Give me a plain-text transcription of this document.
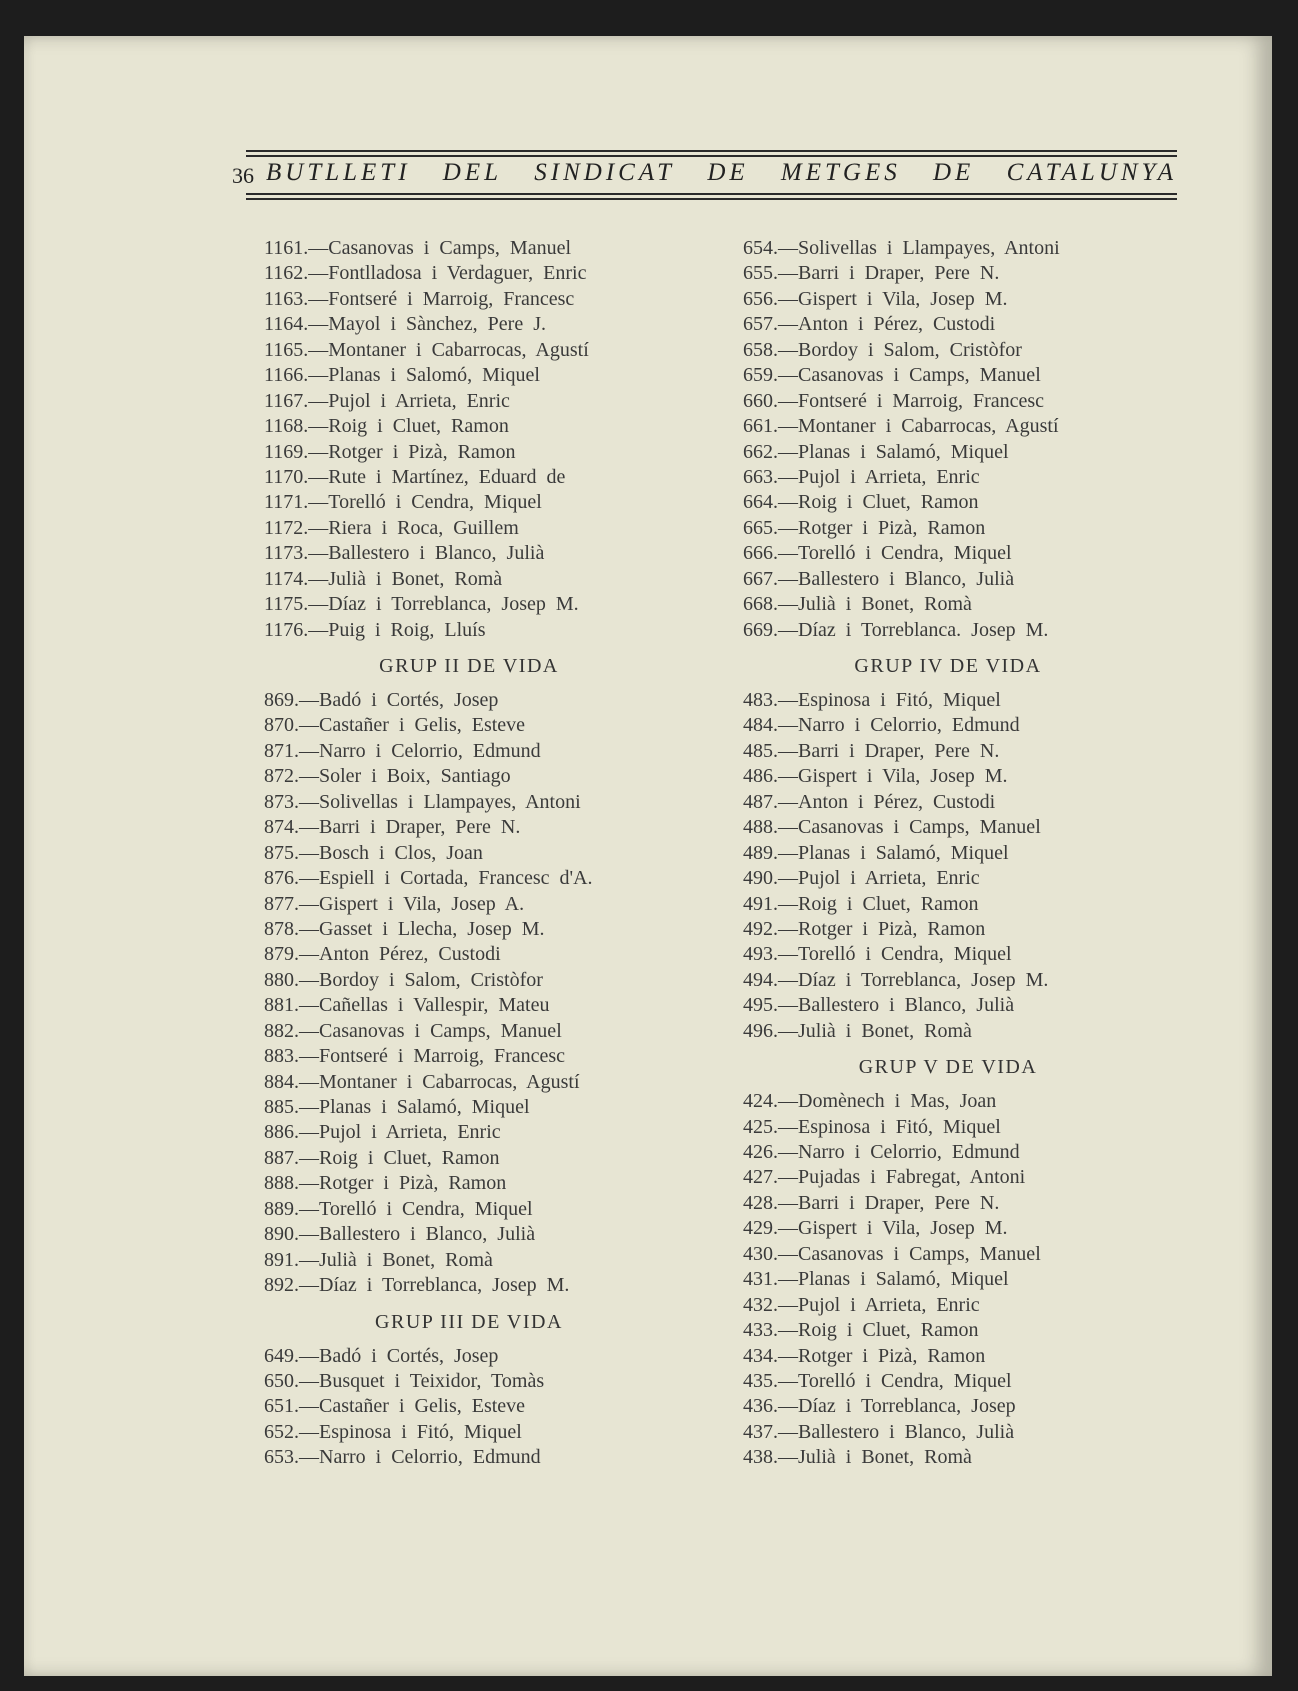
36 BUTLLETI DEL SINDICAT DE METGES DE CATALUNYA
1161.—Casanovas i Camps, Manuel
1162.—Fontlladosa i Verdaguer, Enric
1163.—Fontseré i Marroig, Francesc
1164.—Mayol i Sànchez, Pere J.
1165.—Montaner i Cabarrocas, Agustí
1166.—Planas i Salomó, Miquel
1167.—Pujol i Arrieta, Enric
1168.—Roig i Cluet, Ramon
1169.—Rotger i Pizà, Ramon
1170.—Rute i Martínez, Eduard de
1171.—Torelló i Cendra, Miquel
1172.—Riera i Roca, Guillem
1173.—Ballestero i Blanco, Julià
1174.—Julià i Bonet, Romà
1175.—Díaz i Torreblanca, Josep M.
1176.—Puig i Roig, Lluís
GRUP II DE VIDA
869.—Badó i Cortés, Josep
870.—Castañer i Gelis, Esteve
871.—Narro i Celorrio, Edmund
872.—Soler i Boix, Santiago
873.—Solivellas i Llampayes, Antoni
874.—Barri i Draper, Pere N.
875.—Bosch i Clos, Joan
876.—Espiell i Cortada, Francesc d'A.
877.—Gispert i Vila, Josep A.
878.—Gasset i Llecha, Josep M.
879.—Anton Pérez, Custodi
880.—Bordoy i Salom, Cristòfor
881.—Cañellas i Vallespir, Mateu
882.—Casanovas i Camps, Manuel
883.—Fontseré i Marroig, Francesc
884.—Montaner i Cabarrocas, Agustí
885.—Planas i Salamó, Miquel
886.—Pujol i Arrieta, Enric
887.—Roig i Cluet, Ramon
888.—Rotger i Pizà, Ramon
889.—Torelló i Cendra, Miquel
890.—Ballestero i Blanco, Julià
891.—Julià i Bonet, Romà
892.—Díaz i Torreblanca, Josep M.
GRUP III DE VIDA
649.—Badó i Cortés, Josep
650.—Busquet i Teixidor, Tomàs
651.—Castañer i Gelis, Esteve
652.—Espinosa i Fitó, Miquel
653.—Narro i Celorrio, Edmund
654.—Solivellas i Llampayes, Antoni
655.—Barri i Draper, Pere N.
656.—Gispert i Vila, Josep M.
657.—Anton i Pérez, Custodi
658.—Bordoy i Salom, Cristòfor
659.—Casanovas i Camps, Manuel
660.—Fontseré i Marroig, Francesc
661.—Montaner i Cabarrocas, Agustí
662.—Planas i Salamó, Miquel
663.—Pujol i Arrieta, Enric
664.—Roig i Cluet, Ramon
665.—Rotger i Pizà, Ramon
666.—Torelló i Cendra, Miquel
667.—Ballestero i Blanco, Julià
668.—Julià i Bonet, Romà
669.—Díaz i Torreblanca. Josep M.
GRUP IV DE VIDA
483.—Espinosa i Fitó, Miquel
484.—Narro i Celorrio, Edmund
485.—Barri i Draper, Pere N.
486.—Gispert i Vila, Josep M.
487.—Anton i Pérez, Custodi
488.—Casanovas i Camps, Manuel
489.—Planas i Salamó, Miquel
490.—Pujol i Arrieta, Enric
491.—Roig i Cluet, Ramon
492.—Rotger i Pizà, Ramon
493.—Torelló i Cendra, Miquel
494.—Díaz i Torreblanca, Josep M.
495.—Ballestero i Blanco, Julià
496.—Julià i Bonet, Romà
GRUP V DE VIDA
424.—Domènech i Mas, Joan
425.—Espinosa i Fitó, Miquel
426.—Narro i Celorrio, Edmund
427.—Pujadas i Fabregat, Antoni
428.—Barri i Draper, Pere N.
429.—Gispert i Vila, Josep M.
430.—Casanovas i Camps, Manuel
431.—Planas i Salamó, Miquel
432.—Pujol i Arrieta, Enric
433.—Roig i Cluet, Ramon
434.—Rotger i Pizà, Ramon
435.—Torelló i Cendra, Miquel
436.—Díaz i Torreblanca, Josep
437.—Ballestero i Blanco, Julià
438.—Julià i Bonet, Romà
